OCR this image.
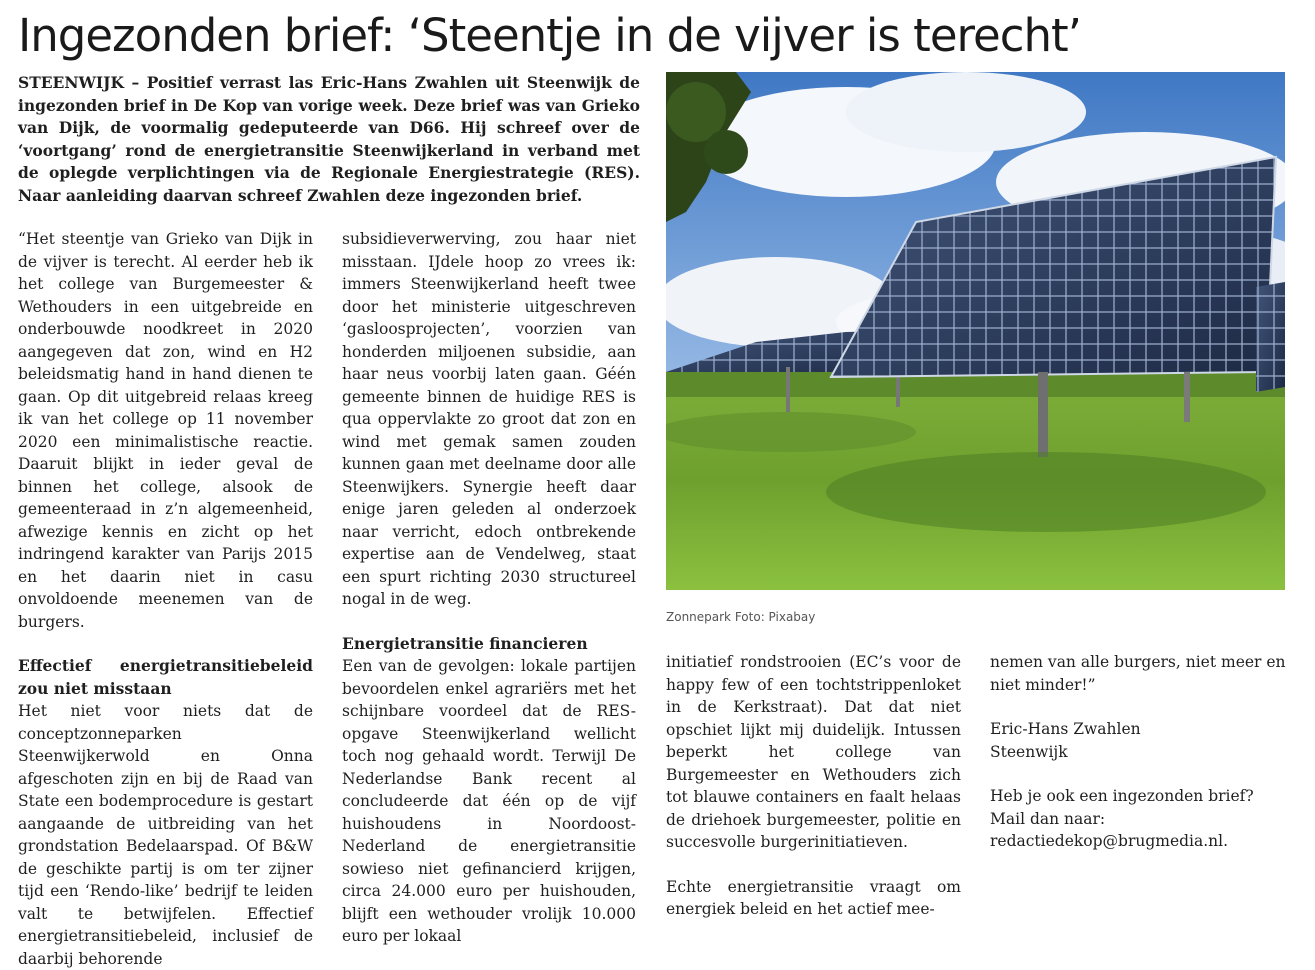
Ingezonden brief: ‘Steentje in de vijver is terecht’

STEENWIJK – Positief verrast las Eric-Hans Zwahlen uit Steenwijk de ingezonden brief in De Kop van vorige week. Deze brief was van Grieko van Dijk, de voormalig gedeputeerde van D66. Hij schreef over de ‘voortgang’ rond de energietransitie Steenwijkerland in verband met de oplegde verplichtingen via de Regionale Energiestrategie (RES). Naar aanleiding daarvan schreef Zwahlen deze ingezonden brief.

“Het steentje van Grieko van Dijk in de vijver is terecht. Al eerder heb ik het college van Burgemeester & Wethouders in een uitgebreide en onderbouwde noodkreet in 2020 aangegeven dat zon, wind en H2 beleidsmatig hand in hand dienen te gaan. Op dit uitgebreid relaas kreeg ik van het college op 11 november 2020 een minimalistische reactie. Daaruit blijkt in ieder geval de binnen het college, alsook de gemeenteraad in z’n algemeenheid, afwezige kennis en zicht op het indringend karakter van Parijs 2015 en het daarin niet in casu onvoldoende meenemen van de burgers.

Effectief energietransitiebeleid zou niet misstaan

Het niet voor niets dat de conceptzonneparken Steenwijkerwold en Onna afgeschoten zijn en bij de Raad van State een bodemprocedure is gestart aangaande de uitbreiding van het grondstation Bedelaarspad. Of B&W de geschikte partij is om ter zijner tijd een ‘Rendo-like’ bedrijf te leiden valt te betwijfelen. Effectief energietransitiebeleid, inclusief de daarbij behorende

subsidieverwerving, zou haar niet misstaan. IJdele hoop zo vrees ik: immers Steenwijkerland heeft twee door het ministerie uitgeschreven ‘gasloosprojecten’, voorzien van honderden miljoenen subsidie, aan haar neus voorbij laten gaan. Géén gemeente binnen de huidige RES is qua oppervlakte zo groot dat zon en wind met gemak samen zouden kunnen gaan met deelname door alle Steenwijkers. Synergie heeft daar enige jaren geleden al onderzoek naar verricht, edoch ontbrekende expertise aan de Vendelweg, staat een spurt richting 2030 structureel nogal in de weg.

Energietransitie financieren

Een van de gevolgen: lokale partijen bevoordelen enkel agrariërs met het schijnbare voordeel dat de RES-opgave Steenwijkerland wellicht toch nog gehaald wordt. Terwijl De Nederlandse Bank recent al concludeerde dat één op de vijf huishoudens in Noordoost-Nederland de energietransitie sowieso niet gefinancierd krijgen, circa 24.000 euro per huishouden, blijft een wethouder vrolijk 10.000 euro per lokaal

Zonnepark Foto: Pixabay

initiatief rondstrooien (EC’s voor de happy few of een tochtstrippenloket in de Kerkstraat). Dat dat niet opschiet lijkt mij duidelijk. Intussen beperkt het college van Burgemeester en Wethouders zich tot blauwe containers en faalt helaas de driehoek burgemeester, politie en succesvolle burgerinitiatieven.

Echte energietransitie vraagt om energiek beleid en het actief mee-

nemen van alle burgers, niet meer en niet minder!”

Eric-Hans Zwahlen

Steenwijk

Heb je ook een ingezonden brief?

Mail dan naar:

redactiedekop@brugmedia.nl.
